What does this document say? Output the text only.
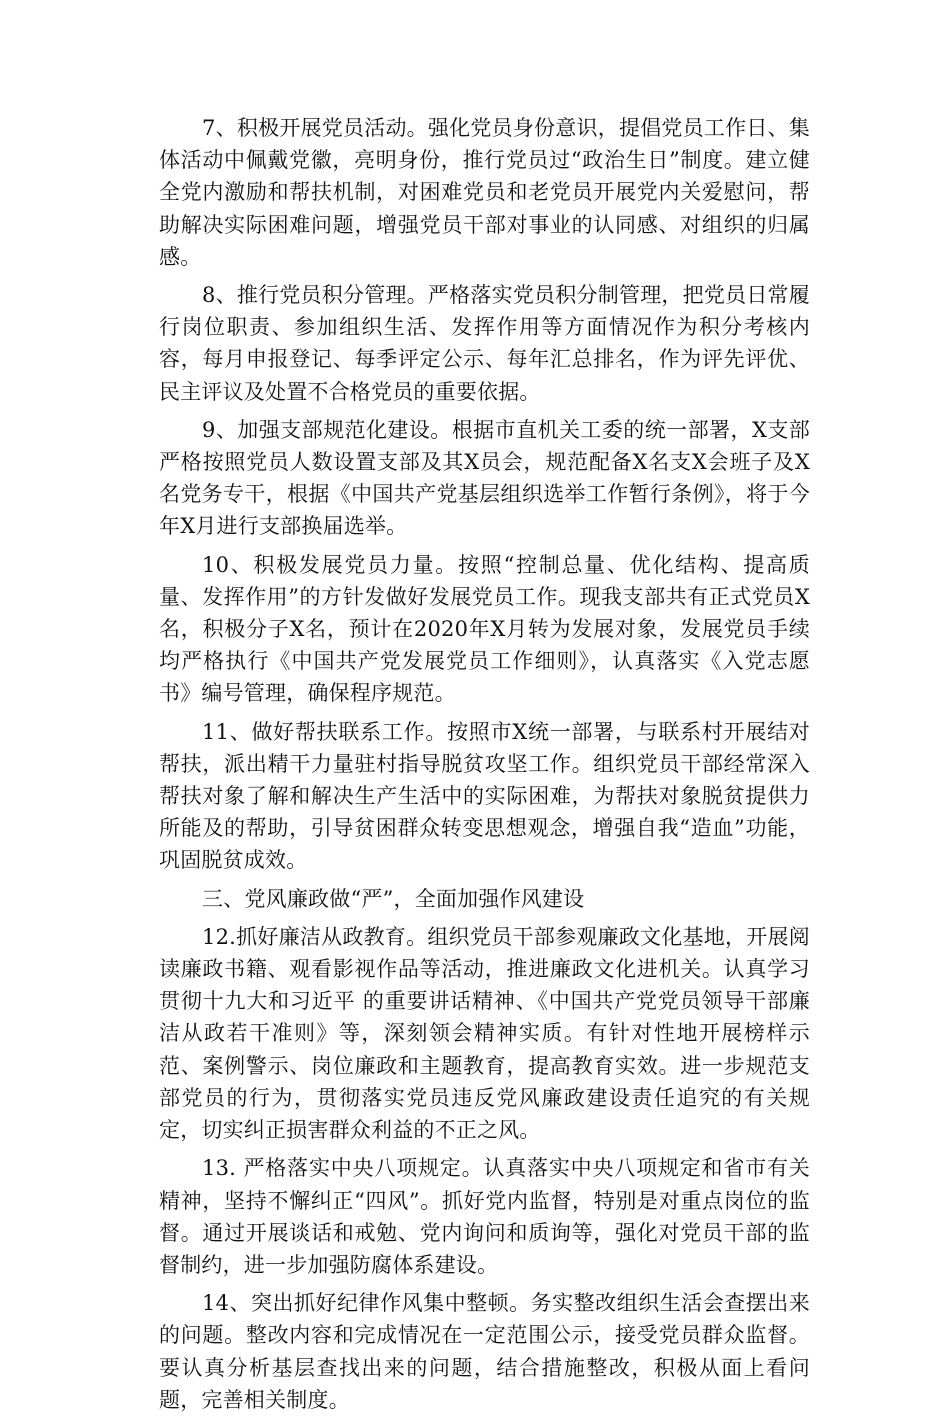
7、积极开展党员活动。强化党员身份意识，提倡党员工作日、集体活动中佩戴党徽，亮明身份，推行党员过“政治生日”制度。建立健全党内激励和帮扶机制，对困难党员和老党员开展党内关爱慰问，帮助解决实际困难问题，增强党员干部对事业的认同感、对组织的归属感。

8、推行党员积分管理。严格落实党员积分制管理，把党员日常履行岗位职责、参加组织生活、发挥作用等方面情况作为积分考核内容，每月申报登记、每季评定公示、每年汇总排名，作为评先评优、民主评议及处置不合格党员的重要依据。

9、加强支部规范化建设。根据市直机关工委的统一部署，X支部严格按照党员人数设置支部及其X员会，规范配备X名支X会班子及X名党务专干，根据《中国共产党基层组织选举工作暂行条例》，将于今年X月进行支部换届选举。

10、积极发展党员力量。按照“控制总量、优化结构、提高质量、发挥作用”的方针发做好发展党员工作。现我支部共有正式党员X名，积极分子X名，预计在2020年X月转为发展对象，发展党员手续均严格执行《中国共产党发展党员工作细则》，认真落实《入党志愿书》编号管理，确保程序规范。

11、做好帮扶联系工作。按照市X统一部署，与联系村开展结对帮扶，派出精干力量驻村指导脱贫攻坚工作。组织党员干部经常深入帮扶对象了解和解决生产生活中的实际困难，为帮扶对象脱贫提供力所能及的帮助，引导贫困群众转变思想观念，增强自我“造血”功能，巩固脱贫成效。

三、党风廉政做“严”，全面加强作风建设

12.抓好廉洁从政教育。组织党员干部参观廉政文化基地，开展阅读廉政书籍、观看影视作品等活动，推进廉政文化进机关。认真学习贯彻十九大和习近平 的重要讲话精神、《中国共产党党员领导干部廉洁从政若干准则》等，深刻领会精神实质。有针对性地开展榜样示范、案例警示、岗位廉政和主题教育，提高教育实效。进一步规范支部党员的行为，贯彻落实党员违反党风廉政建设责任追究的有关规定，切实纠正损害群众利益的不正之风。

13. 严格落实中央八项规定。认真落实中央八项规定和省市有关精神，坚持不懈纠正“四风”。抓好党内监督，特别是对重点岗位的监督。通过开展谈话和戒勉、党内询问和质询等，强化对党员干部的监督制约，进一步加强防腐体系建设。

14、突出抓好纪律作风集中整顿。务实整改组织生活会查摆出来的问题。整改内容和完成情况在一定范围公示，接受党员群众监督。要认真分析基层查找出来的问题，结合措施整改，积极从面上看问题，完善相关制度。
